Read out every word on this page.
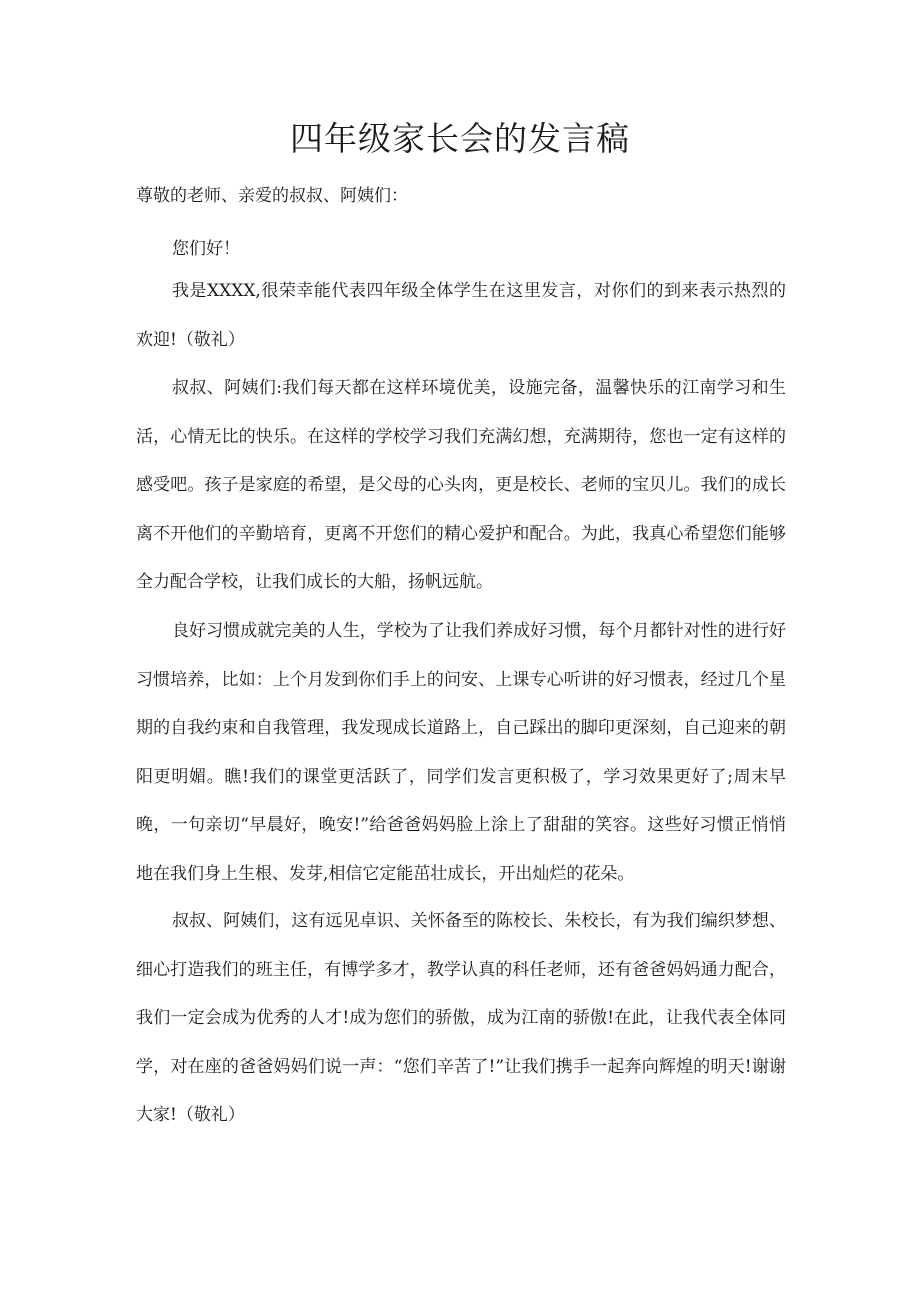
四年级家长会的发言稿

尊敬的老师、亲爱的叔叔、阿姨们：

您们好！

我是XXXX,很荣幸能代表四年级全体学生在这里发言，对你们的到来表示热烈的欢迎!（敬礼）

叔叔、阿姨们:我们每天都在这样环境优美，设施完备，温馨快乐的江南学习和生活，心情无比的快乐。在这样的学校学习我们充满幻想，充满期待，您也一定有这样的感受吧。孩子是家庭的希望，是父母的心头肉，更是校长、老师的宝贝儿。我们的成长离不开他们的辛勤培育，更离不开您们的精心爱护和配合。为此，我真心希望您们能够全力配合学校，让我们成长的大船，扬帆远航。

良好习惯成就完美的人生，学校为了让我们养成好习惯，每个月都针对性的进行好习惯培养，比如：上个月发到你们手上的问安、上课专心听讲的好习惯表，经过几个星期的自我约束和自我管理，我发现成长道路上，自己踩出的脚印更深刻，自己迎来的朝阳更明媚。瞧!我们的课堂更活跃了，同学们发言更积极了，学习效果更好了;周末早晚，一句亲切“早晨好，晚安!”给爸爸妈妈脸上涂上了甜甜的笑容。这些好习惯正悄悄地在我们身上生根、发芽,相信它定能茁壮成长，开出灿烂的花朵。

叔叔、阿姨们，这有远见卓识、关怀备至的陈校长、朱校长，有为我们编织梦想、细心打造我们的班主任，有博学多才，教学认真的科任老师，还有爸爸妈妈通力配合，我们一定会成为优秀的人才!成为您们的骄傲，成为江南的骄傲!在此，让我代表全体同学，对在座的爸爸妈妈们说一声：“您们辛苦了!”让我们携手一起奔向辉煌的明天!谢谢大家!（敬礼）
